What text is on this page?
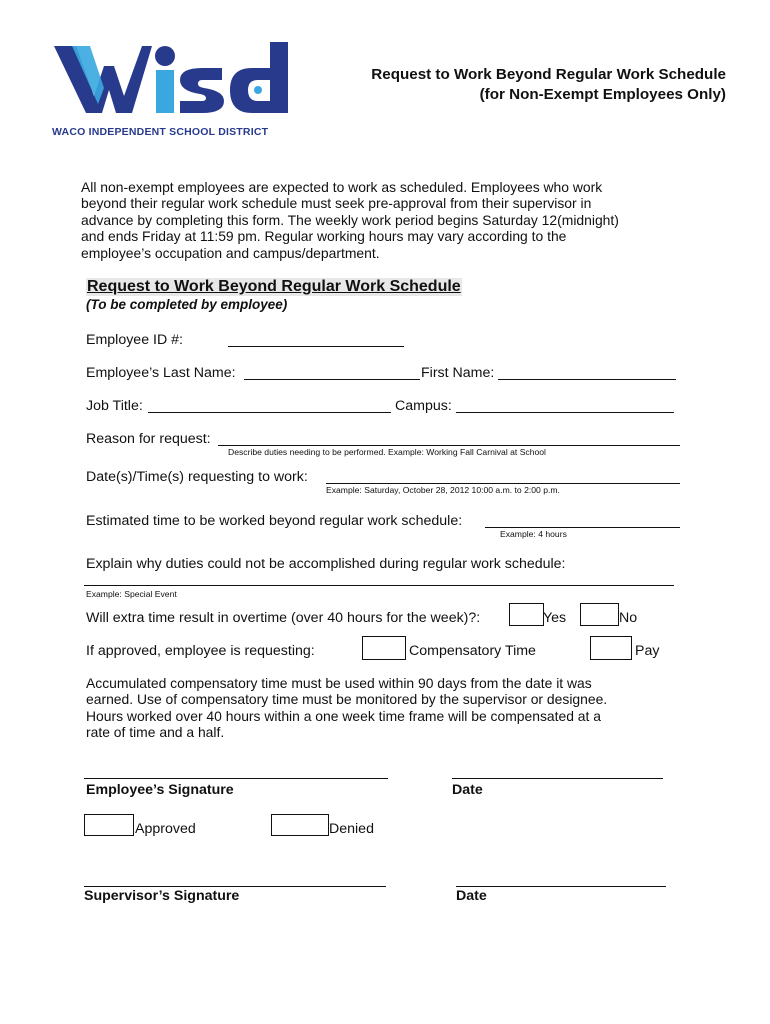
WACO INDEPENDENT SCHOOL DISTRICT
Request to Work Beyond Regular Work Schedule
(for Non-Exempt Employees Only)
All non-exempt employees are expected to work as scheduled. Employees who work
beyond their regular work schedule must seek pre-approval from their supervisor in
advance by completing this form. The weekly work period begins Saturday 12(midnight)
and ends Friday at 11:59 pm. Regular working hours may vary according to the
employee’s occupation and campus/department.
Request to Work Beyond Regular Work Schedule
(To be completed by employee)
Employee ID #:
Employee’s Last Name:	First Name:
Job Title:	Campus:
Reason for request:
Describe duties needing to be performed. Example: Working Fall Carnival at School
Date(s)/Time(s) requesting to work:
Example: Saturday, October 28, 2012 10:00 a.m. to 2:00 p.m.
Estimated time to be worked beyond regular work schedule:
Example: 4 hours
Explain why duties could not be accomplished during regular work schedule:
Example: Special Event
Will extra time result in overtime (over 40 hours for the week)?:	Yes	No
If approved, employee is requesting:	Compensatory Time	Pay
Accumulated compensatory time must be used within 90 days from the date it was
earned. Use of compensatory time must be monitored by the supervisor or designee.
Hours worked over 40 hours within a one week time frame will be compensated at a
rate of time and a half.
Employee’s Signature	Date
Approved	Denied
Supervisor’s Signature	Date
